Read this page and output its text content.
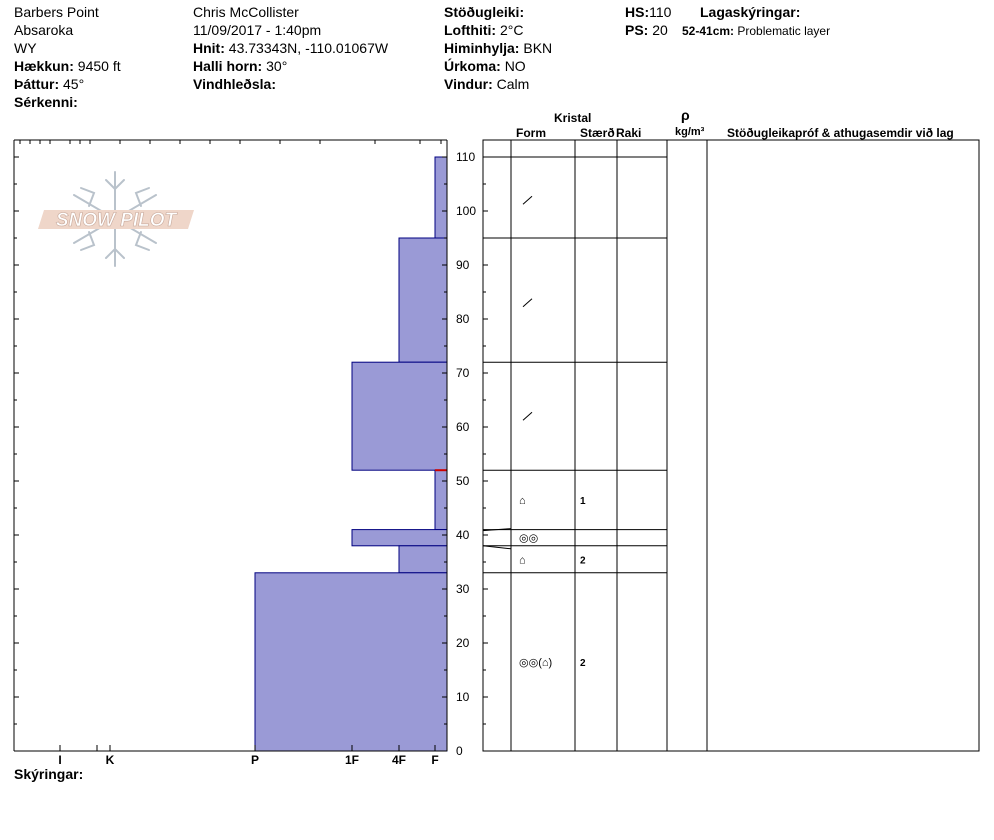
Barbers Point
Absaroka
WY
Hækkun: 9450 ft
Þáttur: 45°
Sérkenni:
Chris McCollister
11/09/2017 - 1:40pm
Hnit: 43.73343N, -110.01067W
Halli horn: 30°
Vindhleðsla:
Stöðugleiki:
Lofthiti: 2°C
Himinhylja: BKN
Úrkoma: NO
Vindur: Calm
HS:110
PS: 20
Lagaskýringar:
52-41cm: Problematic layer
Skýringar:
Kristal
Form	Stærð Raki
ρ
kg/m³ Stöðugleikapróf & athugasemdir við lag
SNOW PILOT
0
10
20
30
40
50
60
70
80
90
100
110
I	K	P	1F	4F F
⌂	1
◎◎
⌂	2
◎◎(⌂)	2
